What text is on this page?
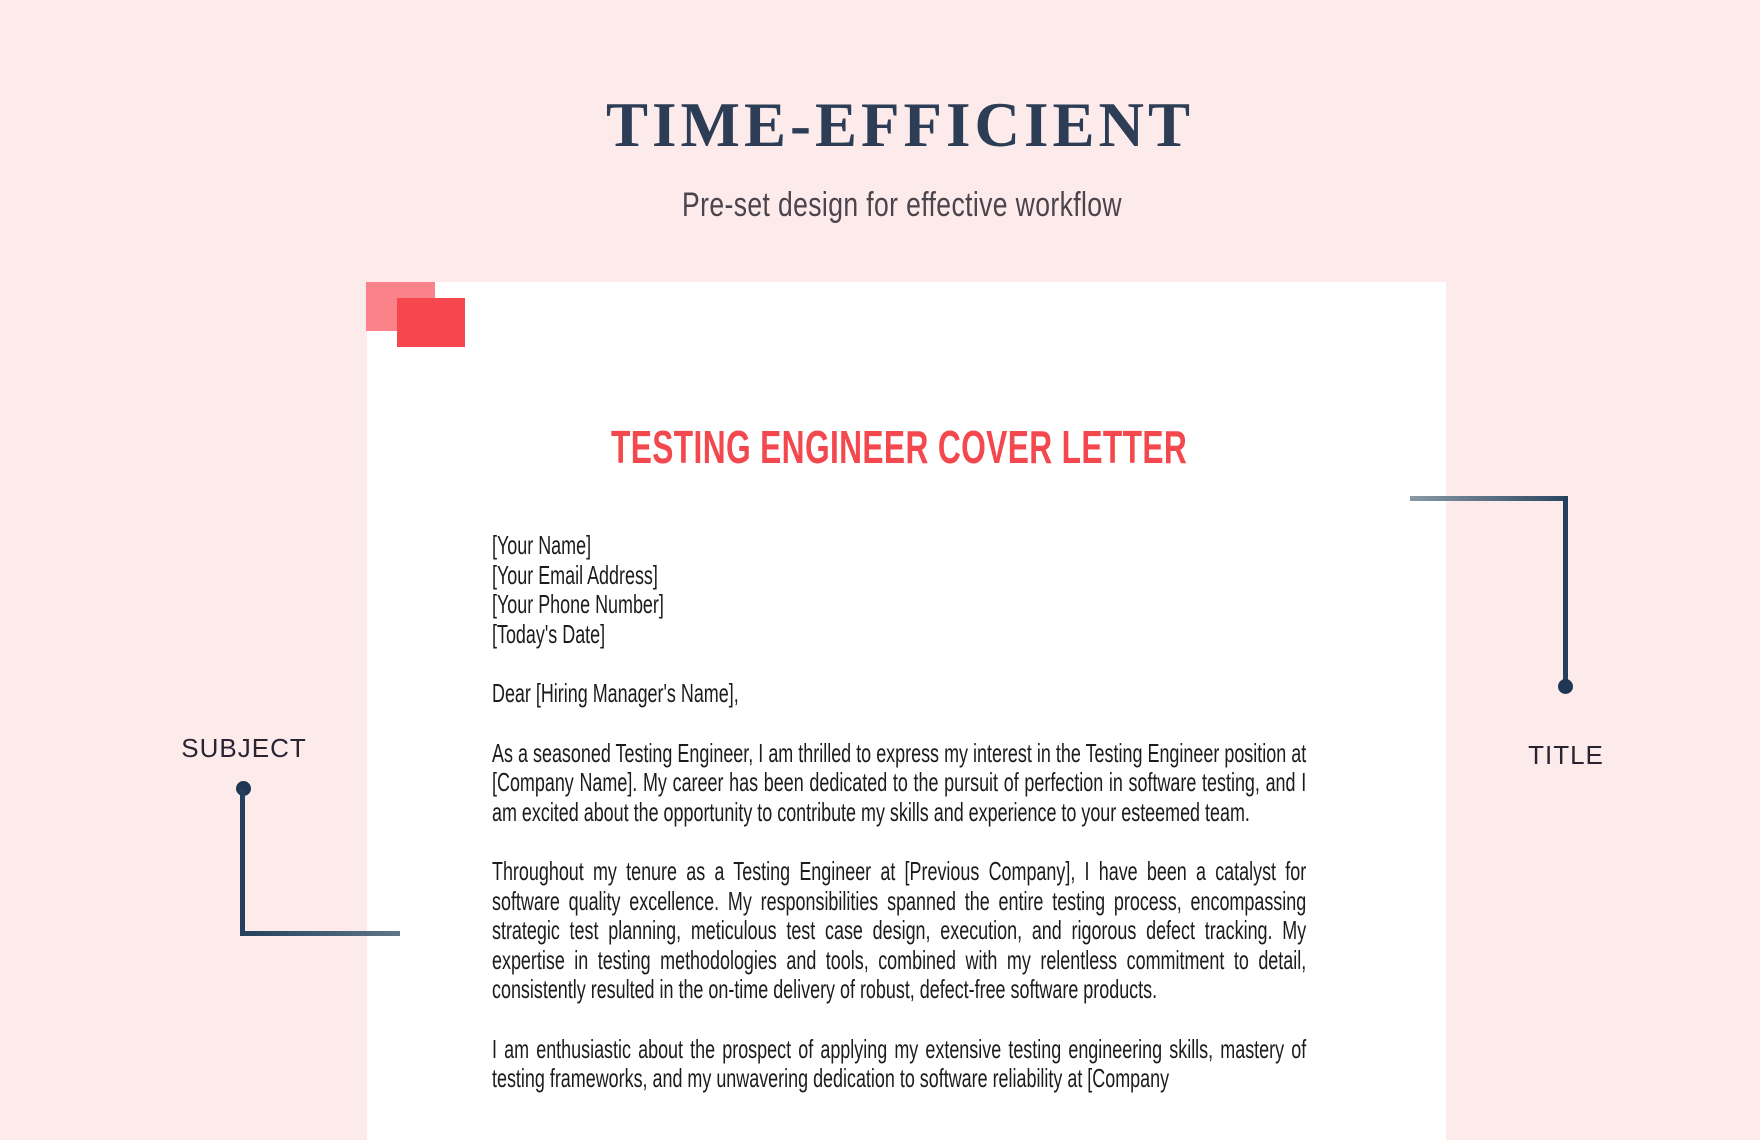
TIME-EFFICIENT
Pre-set design for effective workflow
TESTING ENGINEER COVER LETTER
[Your Name]
[Your Email Address]
[Your Phone Number]
[Today's Date]

Dear [Hiring Manager's Name],

As a seasoned Testing Engineer, I am thrilled to express my interest in the Testing Engineer position at [Company Name]. My career has been dedicated to the pursuit of perfection in software testing, and I am excited about the opportunity to contribute my skills and experience to your esteemed team.

Throughout my tenure as a Testing Engineer at [Previous Company], I have been a catalyst for software quality excellence. My responsibilities spanned the entire testing process, encompassing strategic test planning, meticulous test case design, execution, and rigorous defect tracking. My expertise in testing methodologies and tools, combined with my relentless commitment to detail, consistently resulted in the on-time delivery of robust, defect-free software products.

I am enthusiastic about the prospect of applying my extensive testing engineering skills, mastery of testing frameworks, and my unwavering dedication to software reliability at [Company

SUBJECT	TITLE
